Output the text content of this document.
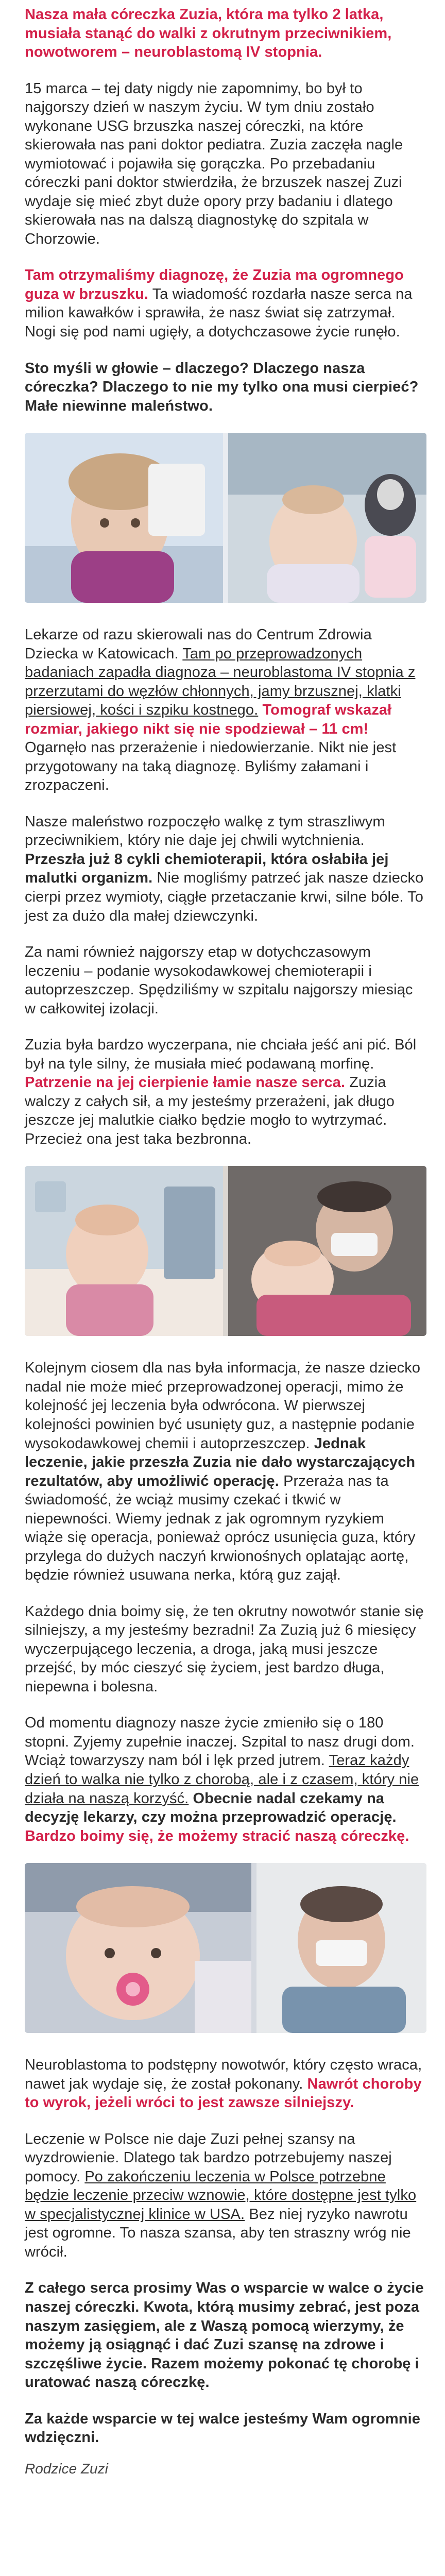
Nasza mała córeczka Zuzia, która ma tylko 2 latka, musiała stanąć do walki z okrutnym przeciwnikiem, nowotworem – neuroblastomą IV stopnia.

15 marca – tej daty nigdy nie zapomnimy, bo był to najgorszy dzień w naszym życiu. W tym dniu zostało wykonane USG brzuszka naszej córeczki, na które skierowała nas pani doktor pediatra. Zuzia zaczęła nagle wymiotować i pojawiła się gorączka. Po przebadaniu córeczki pani doktor stwierdziła, że brzuszek naszej Zuzi wydaje się mieć zbyt duże opory przy badaniu i dlatego skierowała nas na dalszą diagnostykę do szpitala w Chorzowie.

Tam otrzymaliśmy diagnozę, że Zuzia ma ogromnego guza w brzuszku. Ta wiadomość rozdarła nasze serca na milion kawałków i sprawiła, że nasz świat się zatrzymał. Nogi się pod nami ugięły, a dotychczasowe życie runęło.

Sto myśli w głowie – dlaczego? Dlaczego nasza córeczka? Dlaczego to nie my tylko ona musi cierpieć? Małe niewinne maleństwo.

Lekarze od razu skierowali nas do Centrum Zdrowia Dziecka w Katowicach. Tam po przeprowadzonych badaniach zapadła diagnoza – neuroblastoma IV stopnia z przerzutami do węzłów chłonnych, jamy brzusznej, klatki piersiowej, kości i szpiku kostnego. Tomograf wskazał rozmiar, jakiego nikt się nie spodziewał – 11 cm! Ogarnęło nas przerażenie i niedowierzanie. Nikt nie jest przygotowany na taką diagnozę. Byliśmy załamani i zrozpaczeni.

Nasze maleństwo rozpoczęło walkę z tym straszliwym przeciwnikiem, który nie daje jej chwili wytchnienia. Przeszła już 8 cykli chemioterapii, która osłabiła jej malutki organizm. Nie mogliśmy patrzeć jak nasze dziecko cierpi przez wymioty, ciągłe przetaczanie krwi, silne bóle. To jest za dużo dla małej dziewczynki.

Za nami również najgorszy etap w dotychczasowym leczeniu – podanie wysokodawkowej chemioterapii i autoprzeszczep. Spędziliśmy w szpitalu najgorszy miesiąc w całkowitej izolacji.

Zuzia była bardzo wyczerpana, nie chciała jeść ani pić. Ból był na tyle silny, że musiała mieć podawaną morfinę. Patrzenie na jej cierpienie łamie nasze serca. Zuzia walczy z całych sił, a my jesteśmy przerażeni, jak długo jeszcze jej malutkie ciałko będzie mogło to wytrzymać. Przecież ona jest taka bezbronna.

Kolejnym ciosem dla nas była informacja, że nasze dziecko nadal nie może mieć przeprowadzonej operacji, mimo że kolejność jej leczenia była odwrócona. W pierwszej kolejności powinien być usunięty guz, a następnie podanie wysokodawkowej chemii i autoprzeszczep. Jednak leczenie, jakie przeszła Zuzia nie dało wystarczających rezultatów, aby umożliwić operację. Przeraża nas ta świadomość, że wciąż musimy czekać i tkwić w niepewności. Wiemy jednak z jak ogromnym ryzykiem wiąże się operacja, ponieważ oprócz usunięcia guza, który przylega do dużych naczyń krwionośnych oplatając aortę, będzie również usuwana nerka, którą guz zajął.

Każdego dnia boimy się, że ten okrutny nowotwór stanie się silniejszy, a my jesteśmy bezradni! Za Zuzią już 6 miesięcy wyczerpującego leczenia, a droga, jaką musi jeszcze przejść, by móc cieszyć się życiem, jest bardzo długa, niepewna i bolesna.

Od momentu diagnozy nasze życie zmieniło się o 180 stopni. Zyjemy zupełnie inaczej. Szpital to nasz drugi dom. Wciąż towarzyszy nam ból i lęk przed jutrem. Teraz każdy dzień to walka nie tylko z chorobą, ale i z czasem, który nie działa na naszą korzyść. Obecnie nadal czekamy na decyzję lekarzy, czy można przeprowadzić operację. Bardzo boimy się, że możemy stracić naszą córeczkę.

Neuroblastoma to podstępny nowotwór, który często wraca, nawet jak wydaje się, że został pokonany. Nawrót choroby to wyrok, jeżeli wróci to jest zawsze silniejszy.

Leczenie w Polsce nie daje Zuzi pełnej szansy na wyzdrowienie. Dlatego tak bardzo potrzebujemy naszej pomocy. Po zakończeniu leczenia w Polsce potrzebne będzie leczenie przeciw wznowie, które dostępne jest tylko w specjalistycznej klinice w USA. Bez niej ryzyko nawrotu jest ogromne. To nasza szansa, aby ten straszny wróg nie wrócił.

Z całego serca prosimy Was o wsparcie w walce o życie naszej córeczki. Kwota, którą musimy zebrać, jest poza naszym zasięgiem, ale z Waszą pomocą wierzymy, że możemy ją osiągnąć i dać Zuzi szansę na zdrowe i szczęśliwe życie. Razem możemy pokonać tę chorobę i uratować naszą córeczkę.

Za każde wsparcie w tej walce jesteśmy Wam ogromnie wdzięczni.

Rodzice Zuzi
